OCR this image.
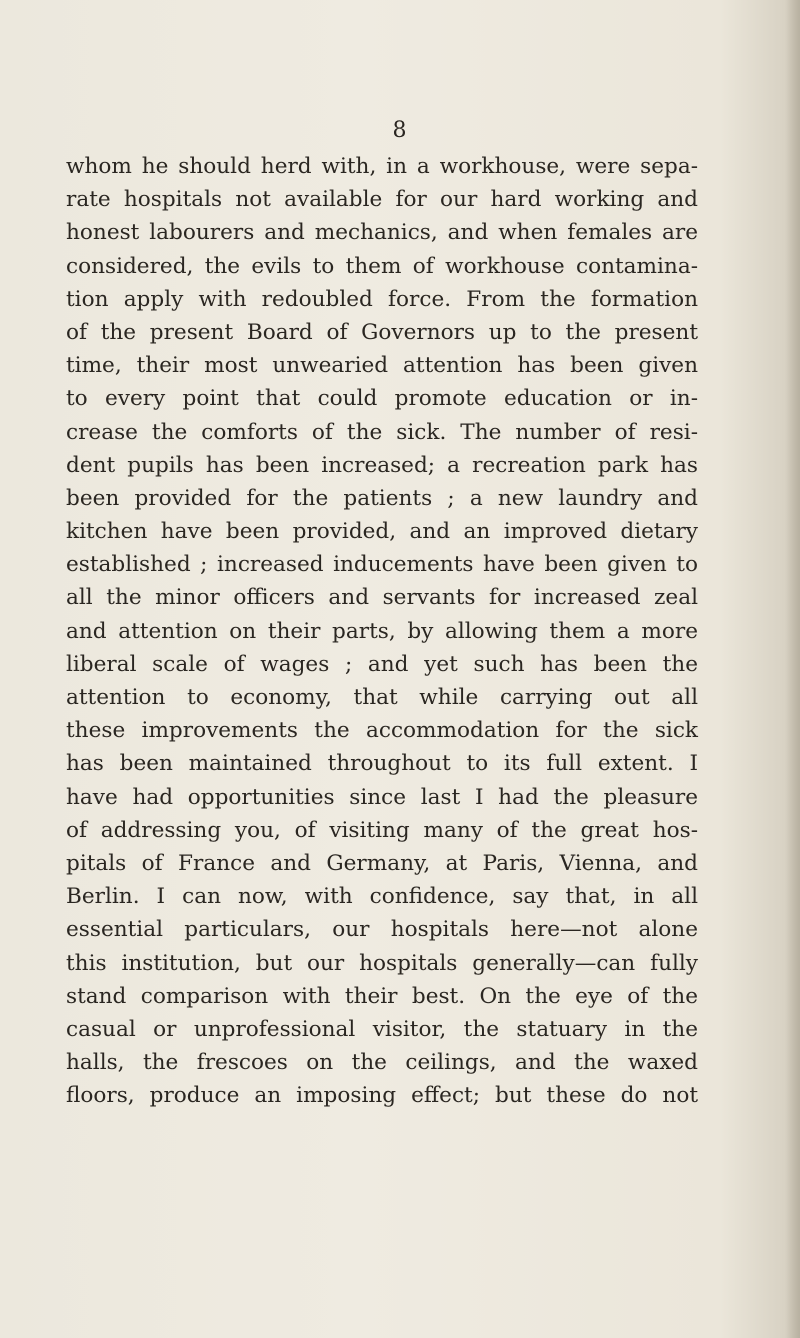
8
whom he should herd with, in a workhouse, were sepa-
rate hospitals not available for our hard working and
honest labourers and mechanics, and when females are
considered, the evils to them of workhouse contamina-
tion apply with redoubled force. From the formation
of the present Board of Governors up to the present
time, their most unwearied attention has been given
to every point that could promote education or in-
crease the comforts of the sick. The number of resi-
dent pupils has been increased; a recreation park has
been provided for the patients ; a new laundry and
kitchen have been provided, and an improved dietary
established ; increased inducements have been given to
all the minor officers and servants for increased zeal
and attention on their parts, by allowing them a more
liberal scale of wages ; and yet such has been the
attention to economy, that while carrying out all
these improvements the accommodation for the sick
has been maintained throughout to its full extent. I
have had opportunities since last I had the pleasure
of addressing you, of visiting many of the great hos-
pitals of France and Germany, at Paris, Vienna, and
Berlin. I can now, with confidence, say that, in all
essential particulars, our hospitals here—not alone
this institution, but our hospitals generally—can fully
stand comparison with their best. On the eye of the
casual or unprofessional visitor, the statuary in the
halls, the frescoes on the ceilings, and the waxed
floors, produce an imposing effect; but these do not
